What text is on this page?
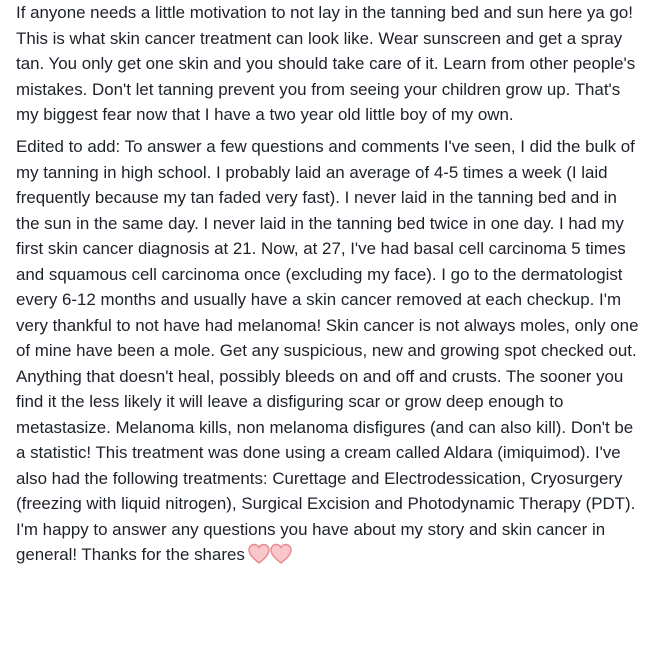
If anyone needs a little motivation to not lay in the tanning bed and sun here ya go! This is what skin cancer treatment can look like. Wear sunscreen and get a spray tan. You only get one skin and you should take care of it. Learn from other people's mistakes. Don't let tanning prevent you from seeing your children grow up. That's my biggest fear now that I have a two year old little boy of my own.

Edited to add: To answer a few questions and comments I've seen, I did the bulk of my tanning in high school. I probably laid an average of 4-5 times a week (I laid frequently because my tan faded very fast). I never laid in the tanning bed and in the sun in the same day. I never laid in the tanning bed twice in one day. I had my first skin cancer diagnosis at 21. Now, at 27, I've had basal cell carcinoma 5 times and squamous cell carcinoma once (excluding my face). I go to the dermatologist every 6-12 months and usually have a skin cancer removed at each checkup. I'm very thankful to not have had melanoma! Skin cancer is not always moles, only one of mine have been a mole. Get any suspicious, new and growing spot checked out. Anything that doesn't heal, possibly bleeds on and off and crusts. The sooner you find it the less likely it will leave a disfiguring scar or grow deep enough to metastasize. Melanoma kills, non melanoma disfigures (and can also kill). Don't be a statistic! This treatment was done using a cream called Aldara (imiquimod). I've also had the following treatments: Curettage and Electrodessication, Cryosurgery (freezing with liquid nitrogen), Surgical Excision and Photodynamic Therapy (PDT). I'm happy to answer any questions you have about my story and skin cancer in general! Thanks for the shares
